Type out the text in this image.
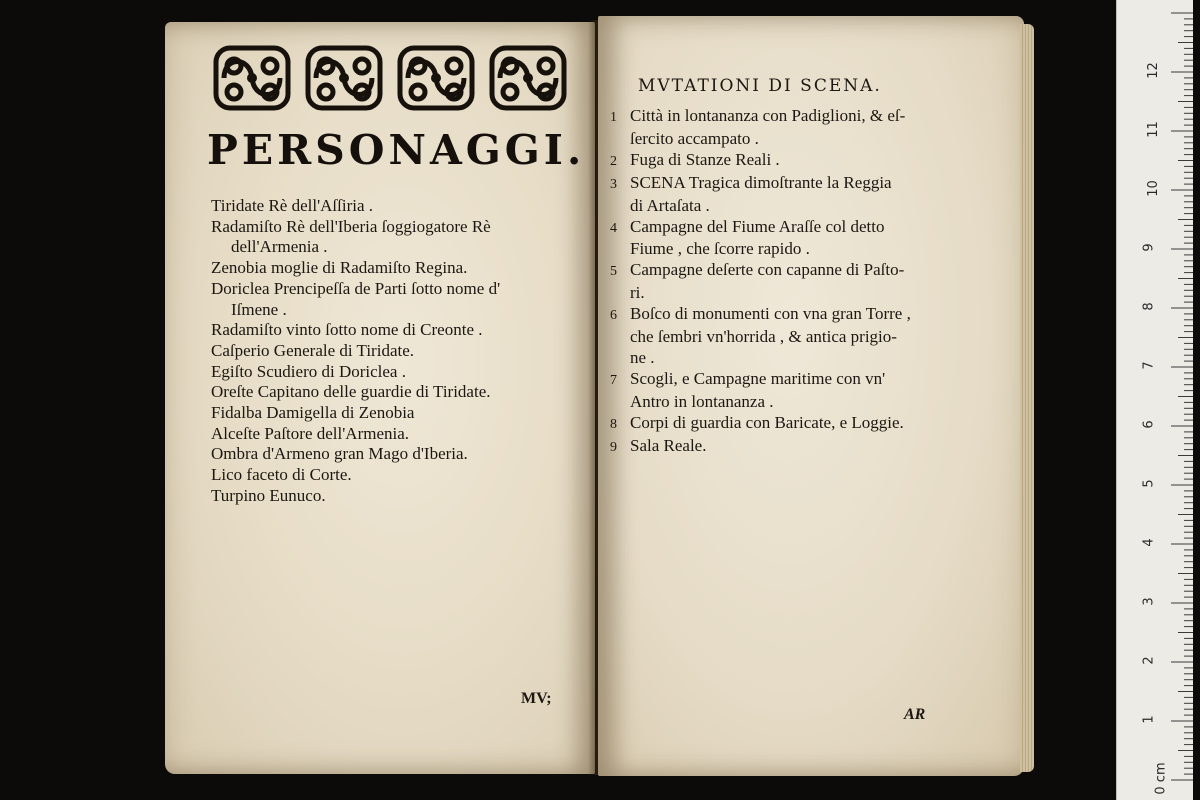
PERSONAGGI.
Tiridate Rè dell'Aſſiria .
Radamiſto Rè dell'Iberia ſoggiogatore Rè
dell'Armenia .
Zenobia moglie di Radamiſto Regina.
Doriclea Prencipeſſa de Parti ſotto nome d'
Iſmene .
Radamiſto vinto ſotto nome di Creonte .
Caſperio Generale di Tiridate.
Egiſto Scudiero di Doriclea .
Oreſte Capitano delle guardie di Tiridate.
Fidalba Damigella di Zenobia
Alceſte Paſtore dell'Armenia.
Ombra d'Armeno gran Mago d'Iberia.
Lico faceto di Corte.
Turpino Eunuco.
MV;
MVTATIONI DI SCENA.
1 Città in lontananza con Padiglioni, & eſ-
ſercito accampato .
2 Fuga di Stanze Reali .
3 SCENA Tragica dimoſtrante la Reggia
di Artaſata .
4 Campagne del Fiume Araſſe col detto
Fiume , che ſcorre rapido .
5 Campagne deſerte con capanne di Paſto-
ri.
6 Boſco di monumenti con vna gran Torre ,
che ſembri vn'horrida , & antica prigio-
ne .
7 Scogli, e Campagne maritime con vn'
Antro in lontananza .
8 Corpi di guardia con Baricate, e Loggie.
9 Sala Reale.
AR
0 cm
1
2
3
4
5
6
7
8
9
10
11
12
